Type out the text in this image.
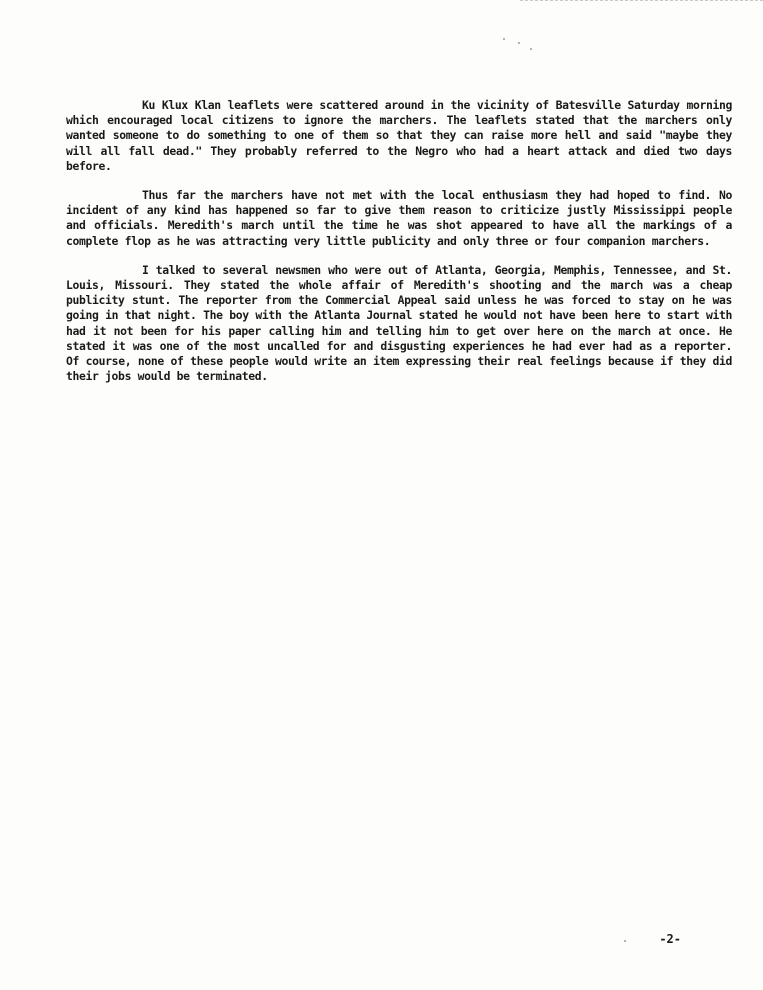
Ku Klux Klan leaflets were scattered around in the vicinity of Batesville Saturday morning which encouraged local citizens to ignore the marchers. The leaflets stated that the marchers only wanted someone to do something to one of them so that they can raise more hell and said "maybe they will all fall dead." They probably referred to the Negro who had a heart attack and died two days before.

Thus far the marchers have not met with the local enthusiasm they had hoped to find. No incident of any kind has happened so far to give them reason to criticize justly Mississippi people and officials. Meredith's march until the time he was shot appeared to have all the markings of a complete flop as he was attracting very little publicity and only three or four companion marchers.

I talked to several newsmen who were out of Atlanta, Georgia, Memphis, Tennessee, and St. Louis, Missouri. They stated the whole affair of Meredith's shooting and the march was a cheap publicity stunt. The reporter from the Commercial Appeal said unless he was forced to stay on he was going in that night. The boy with the Atlanta Journal stated he would not have been here to start with had it not been for his paper calling him and telling him to get over here on the march at once. He stated it was one of the most uncalled for and disgusting experiences he had ever had as a reporter. Of course, none of these people would write an item expressing their real feelings because if they did their jobs would be terminated.

-2-
